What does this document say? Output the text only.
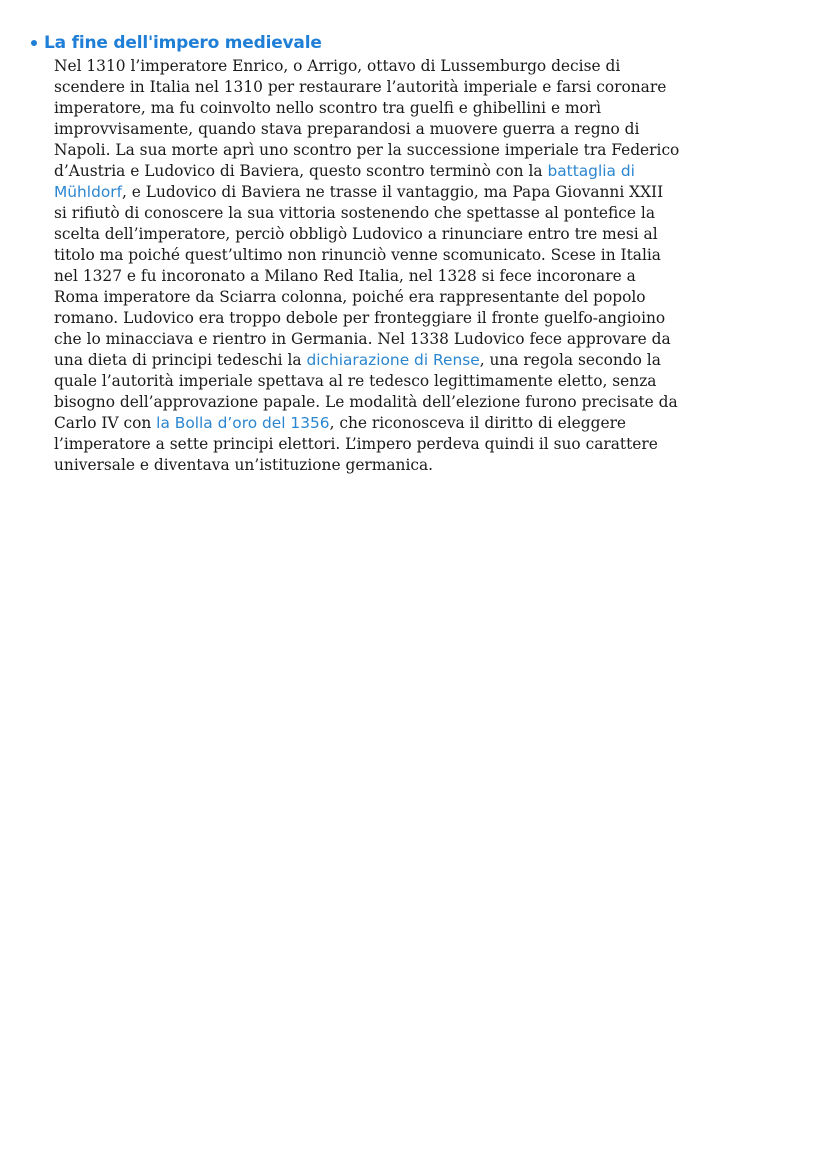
La fine dell'impero medievale
Nel 1310 l’imperatore Enrico, o Arrigo, ottavo di Lussemburgo decise di
scendere in Italia nel 1310 per restaurare l’autorità imperiale e farsi coronare
imperatore, ma fu coinvolto nello scontro tra guelfi e ghibellini e morì
improvvisamente, quando stava preparandosi a muovere guerra a regno di
Napoli. La sua morte aprì uno scontro per la successione imperiale tra Federico
d’Austria e Ludovico di Baviera, questo scontro terminò con la battaglia di
Mühldorf, e Ludovico di Baviera ne trasse il vantaggio, ma Papa Giovanni XXII
si rifiutò di conoscere la sua vittoria sostenendo che spettasse al pontefice la
scelta dell’imperatore, perciò obbligò Ludovico a rinunciare entro tre mesi al
titolo ma poiché quest’ultimo non rinunciò venne scomunicato. Scese in Italia
nel 1327 e fu incoronato a Milano Red Italia, nel 1328 si fece incoronare a
Roma imperatore da Sciarra colonna, poiché era rappresentante del popolo
romano. Ludovico era troppo debole per fronteggiare il fronte guelfo-angioino
che lo minacciava e rientro in Germania. Nel 1338 Ludovico fece approvare da
una dieta di principi tedeschi la dichiarazione di Rense, una regola secondo la
quale l’autorità imperiale spettava al re tedesco legittimamente eletto, senza
bisogno dell’approvazione papale. Le modalità dell’elezione furono precisate da
Carlo IV con la Bolla d’oro del 1356, che riconosceva il diritto di eleggere
l’imperatore a sette principi elettori. L’impero perdeva quindi il suo carattere
universale e diventava un’istituzione germanica.
